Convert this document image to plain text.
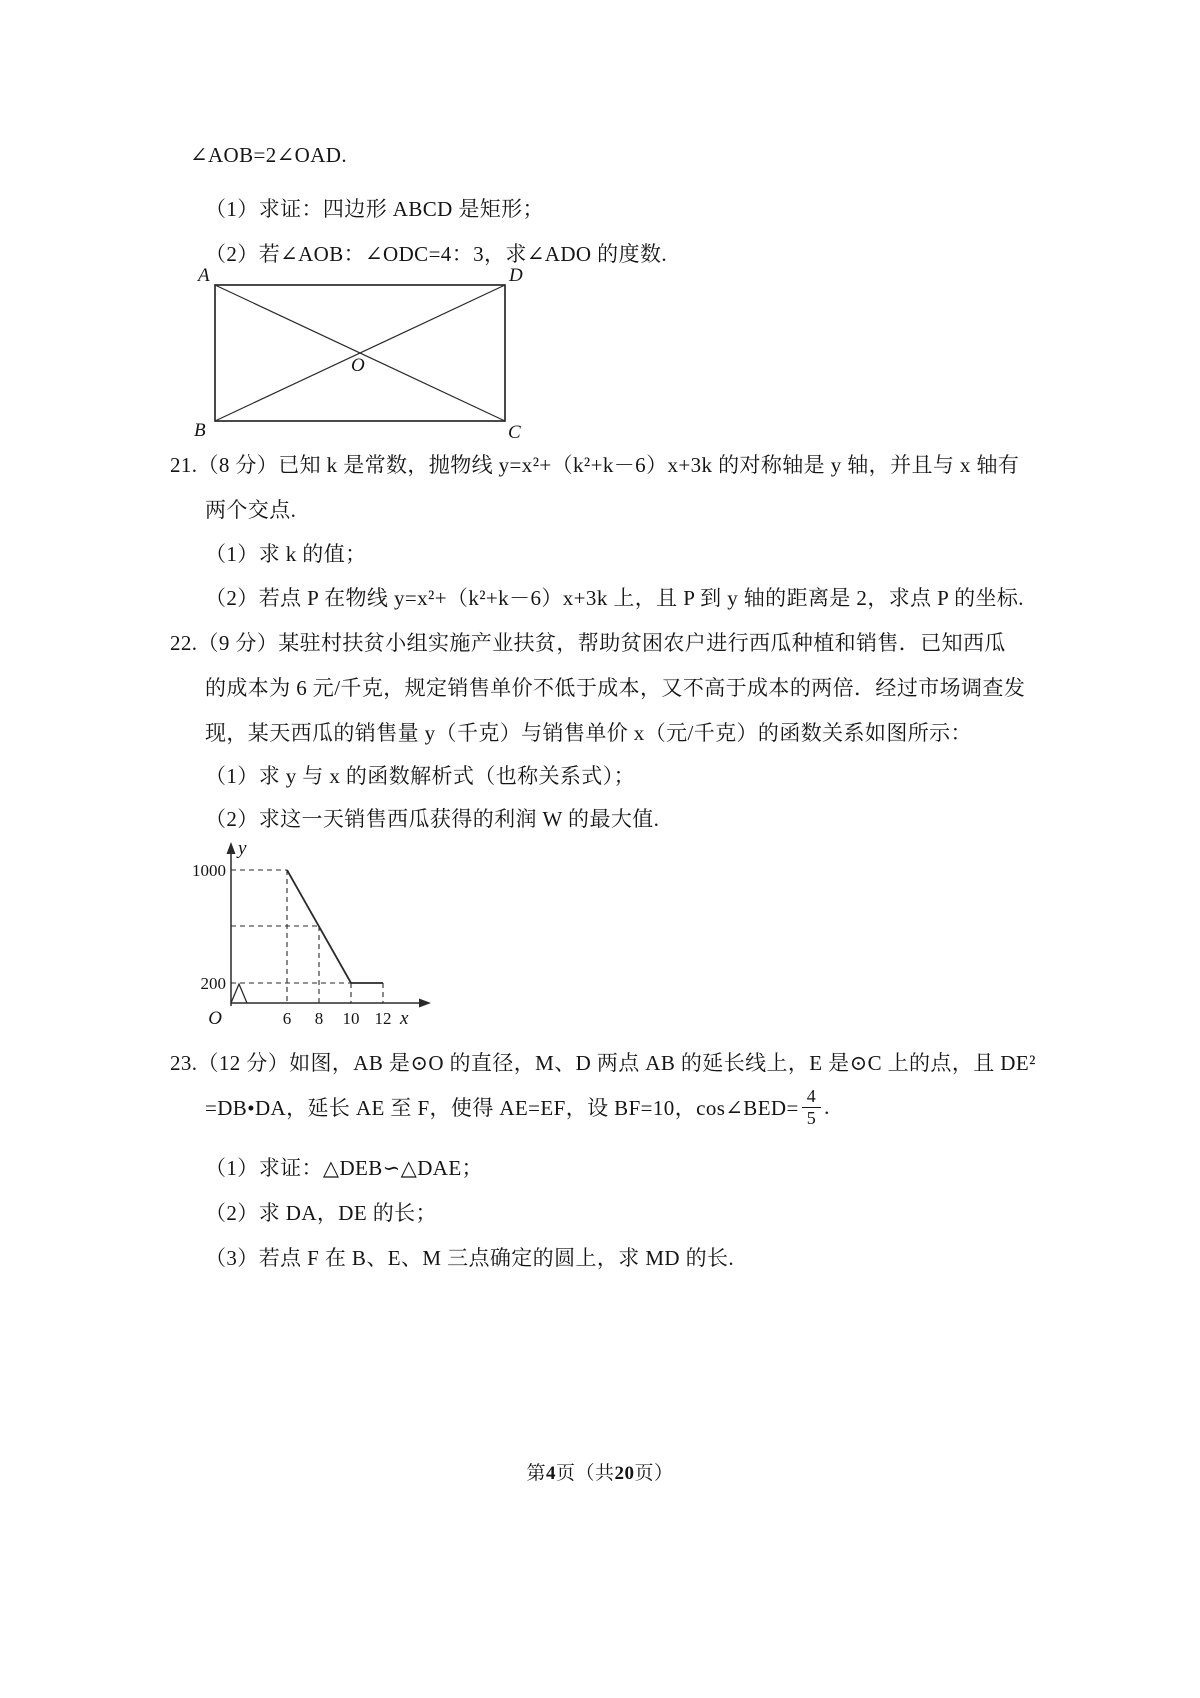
∠AOB=2∠OAD.
（1）求证：四边形 ABCD 是矩形；
（2）若∠AOB：∠ODC=4：3，求∠ADO 的度数.
A	D
B	C
O
21.（8 分）已知 k 是常数，抛物线 y=x²+（k²+k－6）x+3k 的对称轴是 y 轴，并且与 x 轴有
两个交点.
（1）求 k 的值；
（2）若点 P 在物线 y=x²+（k²+k－6）x+3k 上，且 P 到 y 轴的距离是 2，求点 P 的坐标.
22.（9 分）某驻村扶贫小组实施产业扶贫，帮助贫困农户进行西瓜种植和销售．已知西瓜
的成本为 6 元/千克，规定销售单价不低于成本，又不高于成本的两倍．经过市场调查发
现，某天西瓜的销售量 y（千克）与销售单价 x（元/千克）的函数关系如图所示：
（1）求 y 与 x 的函数解析式（也称关系式）；
（2）求这一天销售西瓜获得的利润 W 的最大值.
1000
200
O	6 8 10 12 x
y
23.（12 分）如图，AB 是⊙O 的直径，M、D 两点 AB 的延长线上，E 是⊙C 上的点，且 DE²
=DB•DA，延长 AE 至 F，使得 AE=EF，设 BF=10，cos∠BED= $\frac{4}{5}$ .
（1）求证：△DEB∽△DAE；
（2）求 DA，DE 的长；
（3）若点 F 在 B、E、M 三点确定的圆上，求 MD 的长.
第4页（共20页）
